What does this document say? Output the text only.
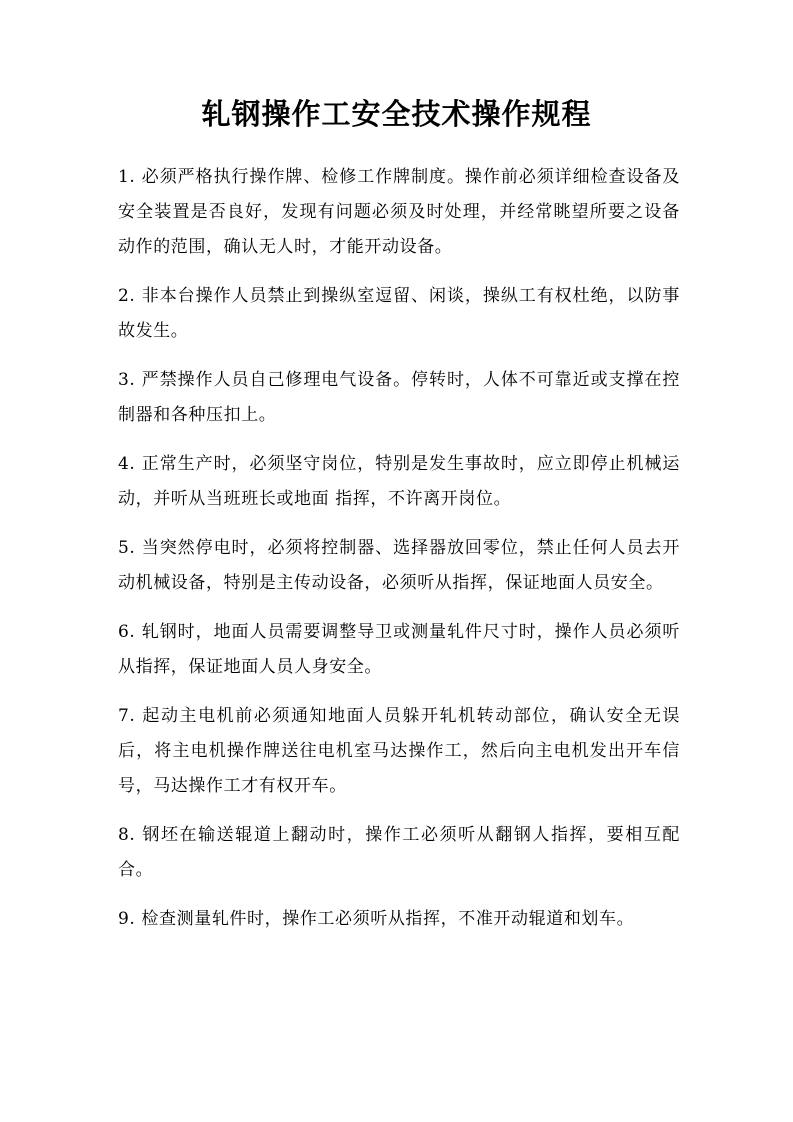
轧钢操作工安全技术操作规程
1. 必须严格执行操作牌、检修工作牌制度。操作前必须详细检查设备及安全装置是否良好，发现有问题必须及时处理，并经常眺望所要之设备动作的范围，确认无人时，才能开动设备。
2. 非本台操作人员禁止到操纵室逗留、闲谈，操纵工有权杜绝，以防事故发生。
3. 严禁操作人员自己修理电气设备。停转时，人体不可靠近或支撑在控制器和各种压扣上。
4. 正常生产时，必须坚守岗位，特别是发生事故时，应立即停止机械运动，并听从当班班长或地面 指挥，不许离开岗位。
5. 当突然停电时，必须将控制器、选择器放回零位，禁止任何人员去开动机械设备，特别是主传动设备，必须听从指挥，保证地面人员安全。
6. 轧钢时，地面人员需要调整导卫或测量轧件尺寸时，操作人员必须听从指挥，保证地面人员人身安全。
7. 起动主电机前必须通知地面人员躲开轧机转动部位，确认安全无误后，将主电机操作牌送往电机室马达操作工，然后向主电机发出开车信号，马达操作工才有权开车。
8. 钢坯在输送辊道上翻动时，操作工必须听从翻钢人指挥，要相互配合。
9. 检查测量轧件时，操作工必须听从指挥，不准开动辊道和划车。
